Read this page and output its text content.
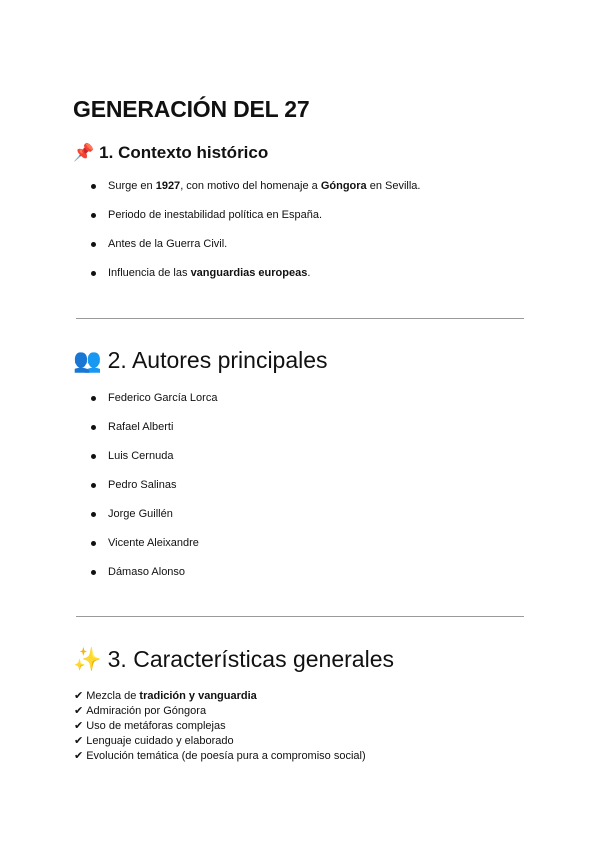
GENERACIÓN DEL 27
📌 1. Contexto histórico
Surge en 1927, con motivo del homenaje a Góngora en Sevilla.
Periodo de inestabilidad política en España.
Antes de la Guerra Civil.
Influencia de las vanguardias europeas.
👥 2. Autores principales
Federico García Lorca
Rafael Alberti
Luis Cernuda
Pedro Salinas
Jorge Guillén
Vicente Aleixandre
Dámaso Alonso
✨ 3. Características generales
✔ Mezcla de tradición y vanguardia
✔ Admiración por Góngora
✔ Uso de metáforas complejas
✔ Lenguaje cuidado y elaborado
✔ Evolución temática (de poesía pura a compromiso social)
